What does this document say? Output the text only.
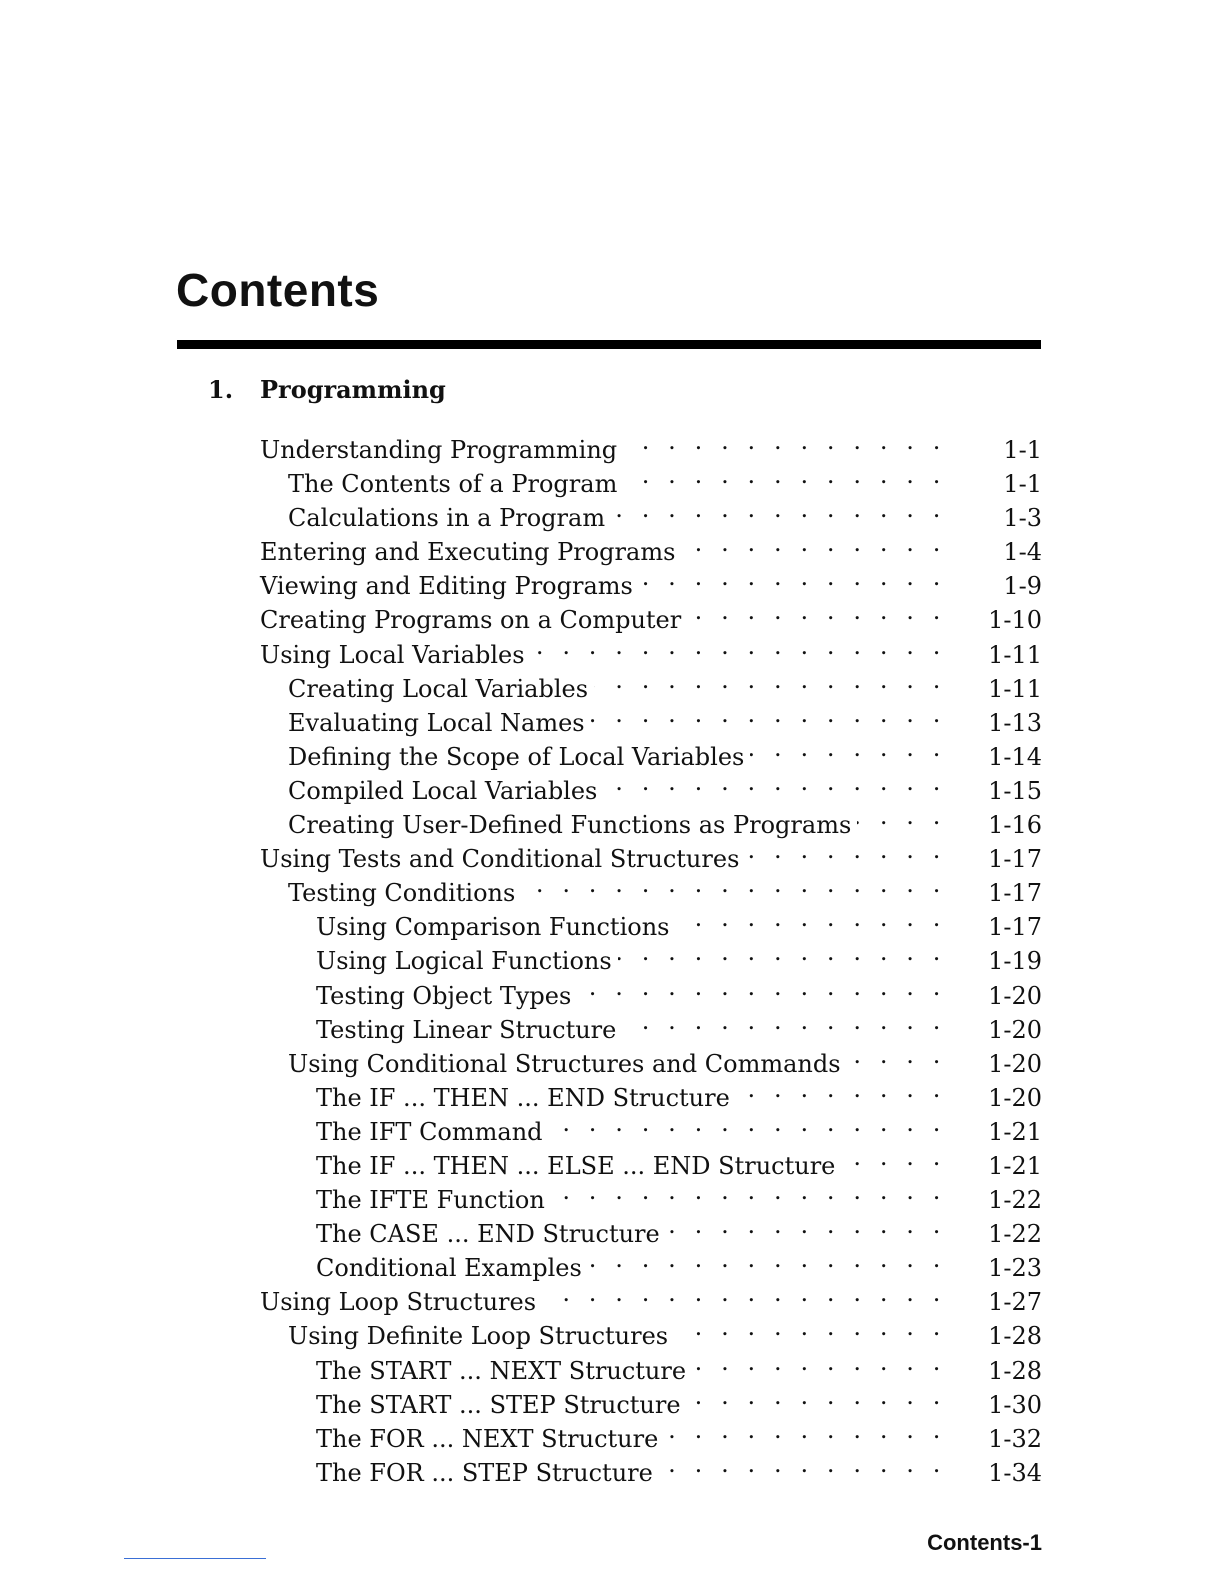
Contents
1. Programming
Understanding Programming . . .	1-1
The Contents of a Program . . .	1-1
Calculations in a Program . . .	1-3
Entering and Executing Programs . . .	1-4
Viewing and Editing Programs . . .	1-9
Creating Programs on a Computer . . .	1-10
Using Local Variables . . .	1-11
Creating Local Variables . . .	1-11
Evaluating Local Names . . .	1-13
Defining the Scope of Local Variables . . .	1-14
Compiled Local Variables . . .	1-15
Creating User-Defined Functions as Programs . . .	1-16
Using Tests and Conditional Structures . . .	1-17
Testing Conditions . . .	1-17
Using Comparison Functions . . .	1-17
Using Logical Functions . . .	1-19
Testing Object Types . . .	1-20
Testing Linear Structure . . .	1-20
Using Conditional Structures and Commands . . .	1-20
The IF ... THEN ... END Structure . . .	1-20
The IFT Command . . .	1-21
The IF ... THEN ... ELSE ... END Structure . . .	1-21
The IFTE Function . . .	1-22
The CASE ... END Structure . . .	1-22
Conditional Examples . . .	1-23
Using Loop Structures . . .	1-27
Using Definite Loop Structures . . .	1-28
The START ... NEXT Structure . . .	1-28
The START ... STEP Structure . . .	1-30
The FOR ... NEXT Structure . . .	1-32
The FOR ... STEP Structure . . .	1-34
Contents-1
